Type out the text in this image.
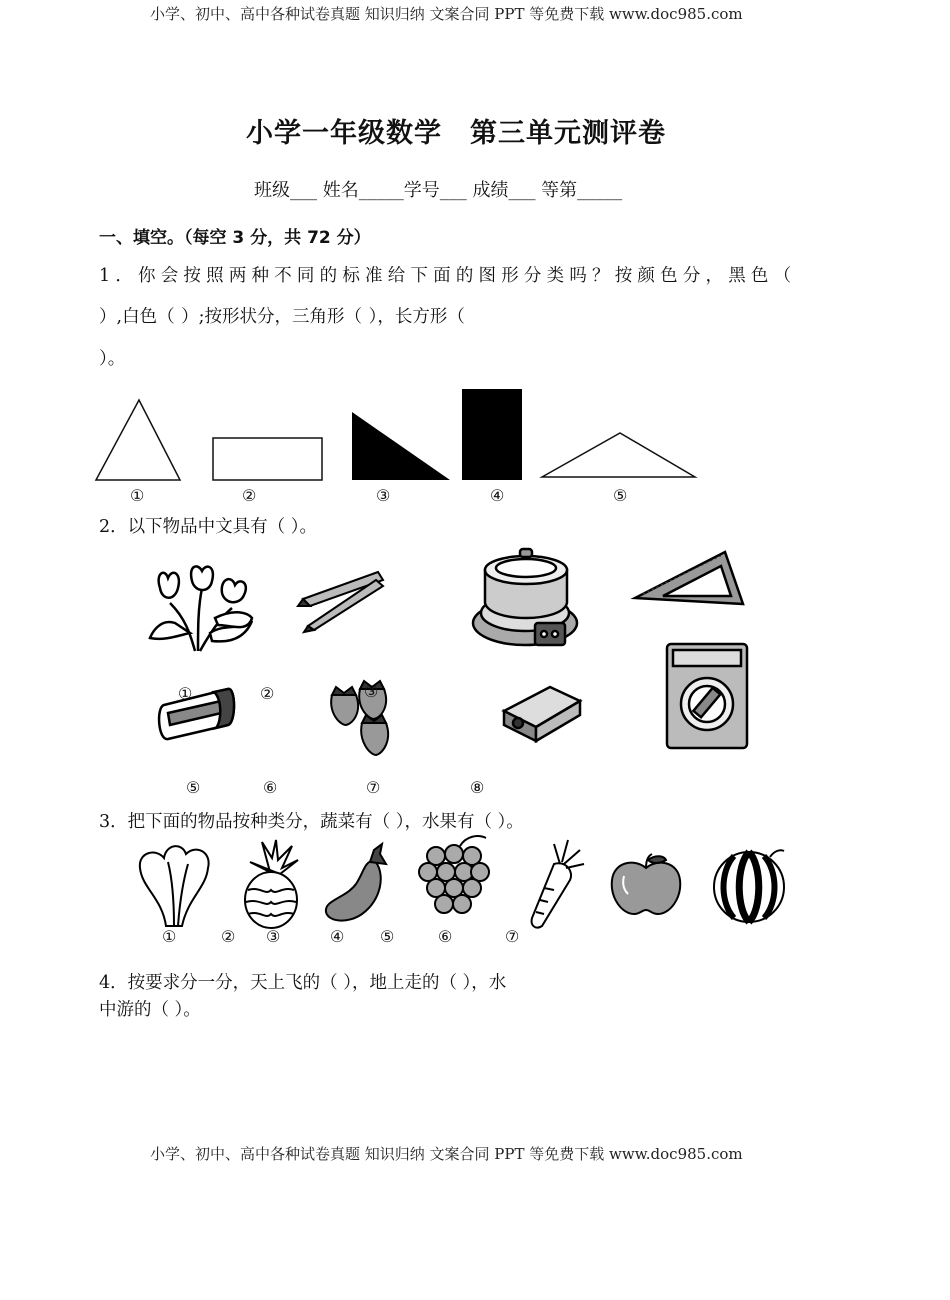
小学、初中、高中各种试卷真题 知识归纳 文案合同 PPT 等免费下载 www.doc985.com
小学、初中、高中各种试卷真题 知识归纳 文案合同 PPT 等免费下载 www.doc985.com
小学一年级数学　第三单元测评卷
班级___ 姓名_____学号___ 成绩___ 等第_____
一、填空。（每空 3 分，共 72 分）
1．你会按照两种不同的标准给下面的图形分类吗？按颜色分，黑色（
）,白色（ ）;按形状分，三角形（ ），长方形（
）。
①	②	③	④	⑤
2．以下物品中文具有（ ）。
①	②	③
⑤	⑥	⑦	⑧
3．把下面的物品按种类分，蔬菜有（ ），水果有（ ）。
①	② ③	④ ⑤	⑥	⑦
4．按要求分一分，天上飞的（ ），地上走的（ ），水
中游的（ ）。
